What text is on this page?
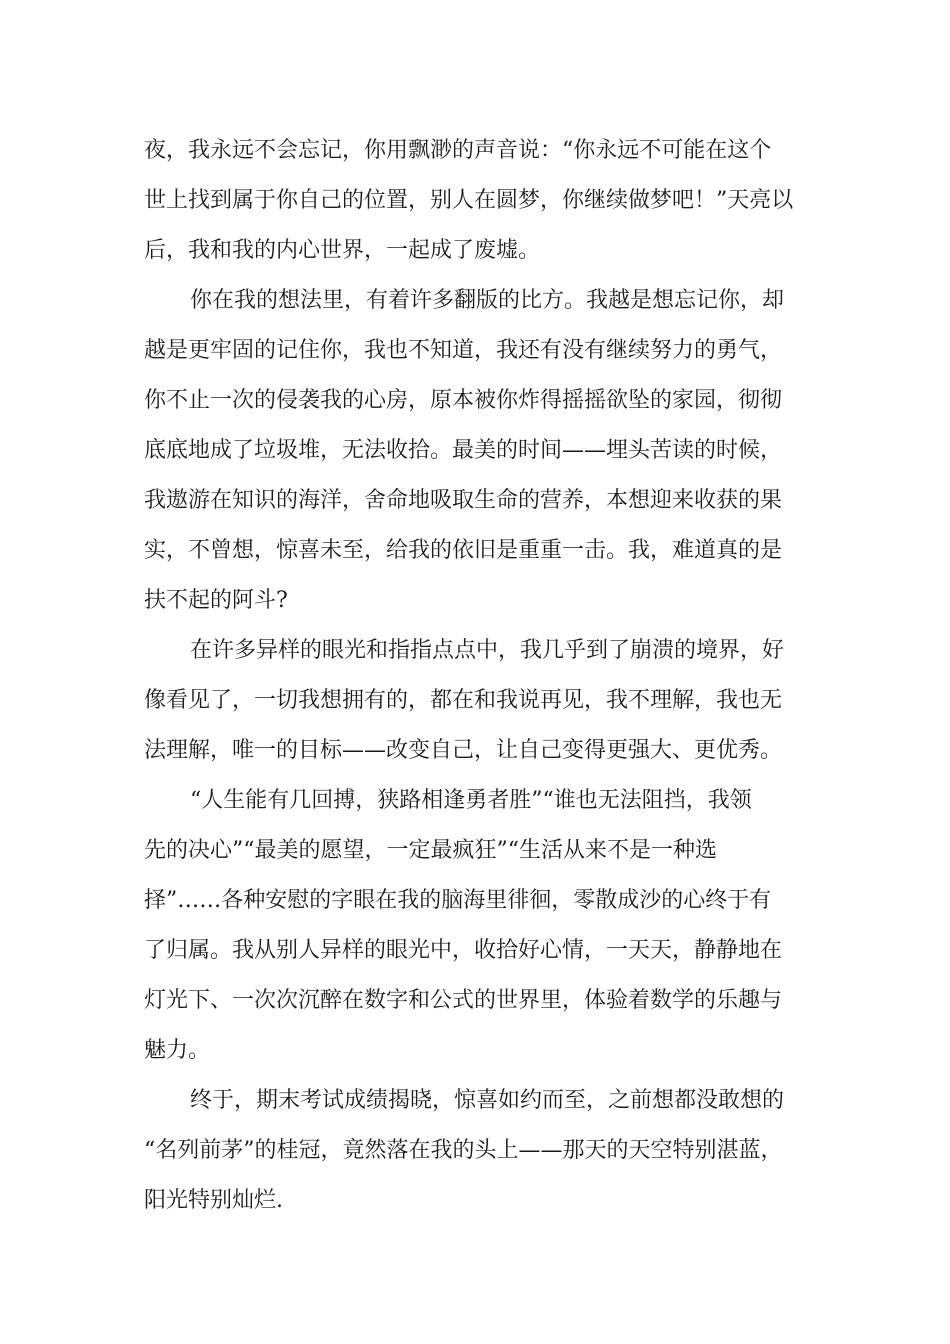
夜，我永远不会忘记，你用飘渺的声音说：“你永远不可能在这个
世上找到属于你自己的位置，别人在圆梦，你继续做梦吧！”天亮以
后，我和我的内心世界，一起成了废墟。
你在我的想法里，有着许多翻版的比方。我越是想忘记你，却
越是更牢固的记住你，我也不知道，我还有没有继续努力的勇气，
你不止一次的侵袭我的心房，原本被你炸得摇摇欲坠的家园，彻彻
底底地成了垃圾堆，无法收拾。最美的时间——埋头苦读的时候，
我遨游在知识的海洋，舍命地吸取生命的营养，本想迎来收获的果
实，不曾想，惊喜未至，给我的依旧是重重一击。我，难道真的是
扶不起的阿斗?
在许多异样的眼光和指指点点中，我几乎到了崩溃的境界，好
像看见了，一切我想拥有的，都在和我说再见，我不理解，我也无
法理解，唯一的目标——改变自己，让自己变得更强大、更优秀。
“人生能有几回搏，狭路相逢勇者胜”“谁也无法阻挡，我领
先的决心”“最美的愿望，一定最疯狂”“生活从来不是一种选
择”……各种安慰的字眼在我的脑海里徘徊，零散成沙的心终于有
了归属。我从别人异样的眼光中，收拾好心情，一天天，静静地在
灯光下、一次次沉醉在数字和公式的世界里，体验着数学的乐趣与
魅力。
终于，期末考试成绩揭晓，惊喜如约而至，之前想都没敢想的
“名列前茅”的桂冠，竟然落在我的头上——那天的天空特别湛蓝，
阳光特别灿烂.
